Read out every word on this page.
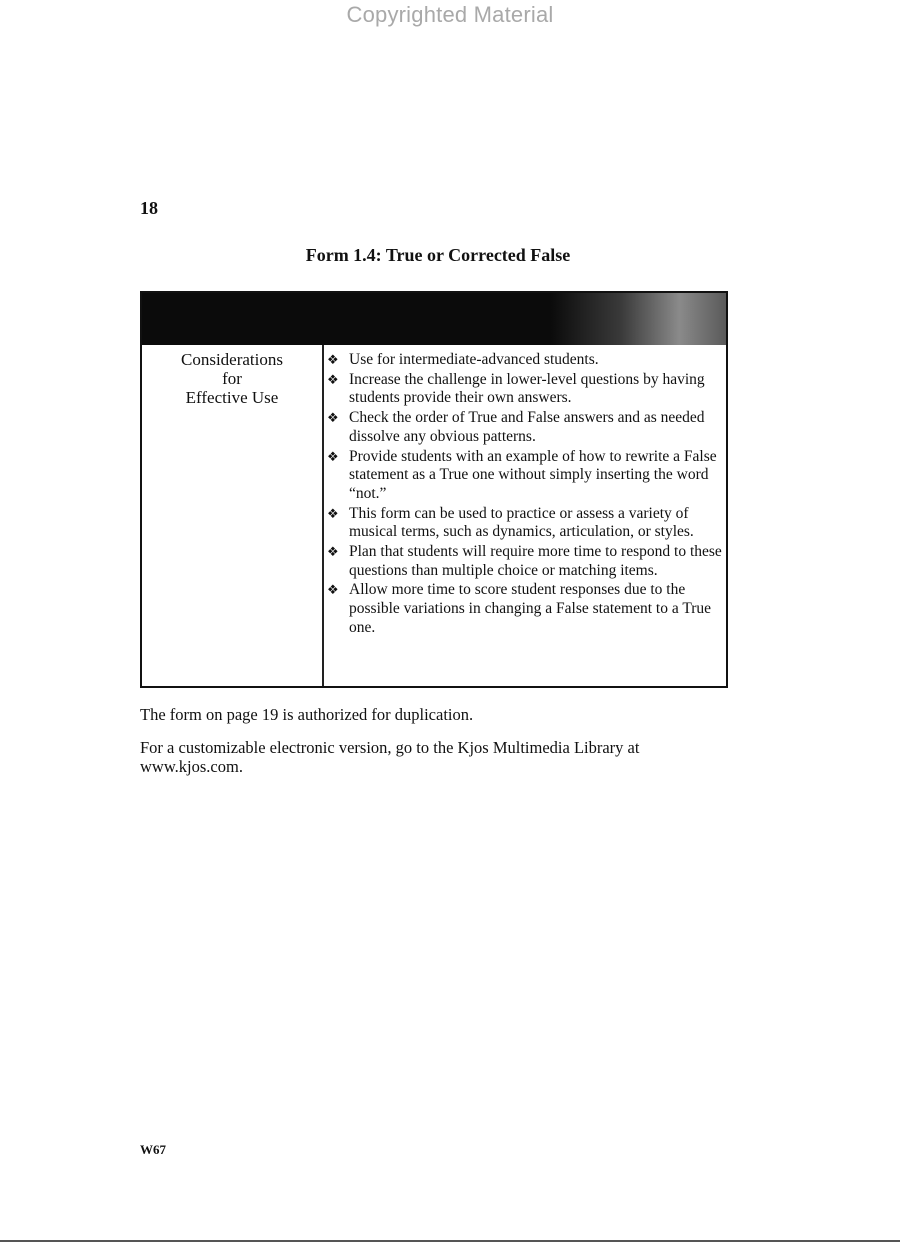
Copyrighted Material
18
Form 1.4: True or Corrected False
Considerations
for
Effective Use
❖ Use for intermediate-advanced students.
❖ Increase the challenge in lower-level questions by having students provide their own answers.
❖ Check the order of True and False answers and as needed dissolve any obvious patterns.
❖ Provide students with an example of how to rewrite a False statement as a True one without simply inserting the word “not.”
❖ This form can be used to practice or assess a variety of musical terms, such as dynamics, articulation, or styles.
❖ Plan that students will require more time to respond to these questions than multiple choice or matching items.
❖ Allow more time to score student responses due to the possible variations in changing a False statement to a True one.
The form on page 19 is authorized for duplication.
For a customizable electronic version, go to the Kjos Multimedia Library at www.kjos.com.
W67
